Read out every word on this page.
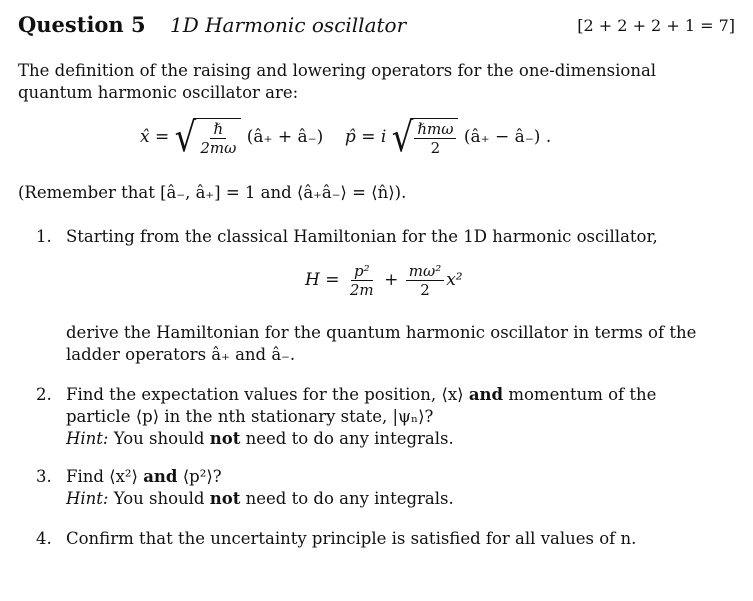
Question 5 1D Harmonic oscillator	[2 + 2 + 2 + 1 = 7]
The definition of the raising and lowering operators for the one-dimensional quantum harmonic oscillator are:
x̂ = √ $\frac{\text{ℏ}}{2m\omega}$ (â₊ + â₋) p̂ = i √ $\frac{\text{ℏmω}}{2}$ (â₊ − â₋) .
(Remember that [â₋, â₊] = 1 and ⟨â₊â₋⟩ = ⟨n̂⟩).
1. Starting from the classical Hamiltonian for the 1D harmonic oscillator,
$H = \frac{\text{p²}}{2m} + \frac{\text{mω²}}{2} x^2$
derive the Hamiltonian for the quantum harmonic oscillator in terms of the ladder operators â₊ and â₋.
2. Find the expectation values for the position, ⟨x⟩ and momentum of the particle ⟨p⟩ in the nth stationary state, |ψₙ⟩?
Hint: You should not need to do any integrals.
3. Find ⟨x²⟩ and ⟨p²⟩?
Hint: You should not need to do any integrals.
4. Confirm that the uncertainty principle is satisfied for all values of n.
